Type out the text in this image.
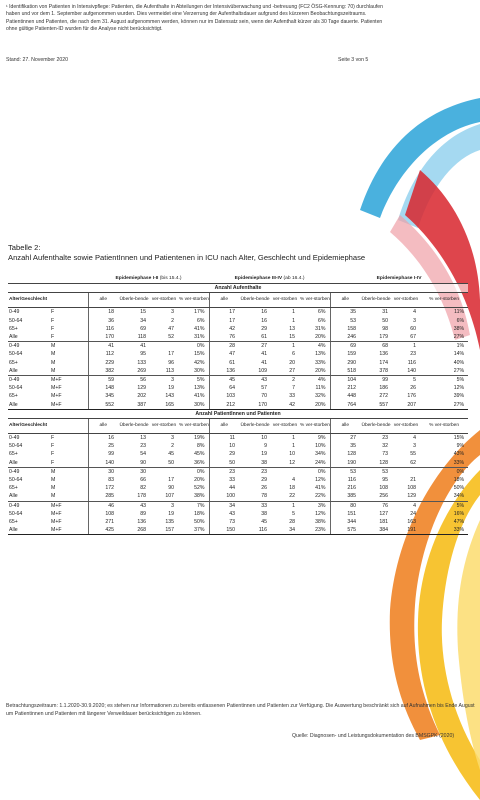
¹ Identifikation von Patienten in Intensivpflege: Patienten, die Aufenthalte in Abteilungen der Intensivüberwachung und -betreuung (FC2 ÖSG-Kennung: 70) durchlaufen haben und vor dem 1. September aufgenommen wurden. Dies vermeidet eine Verzerrung der Aufenthaltsdauer aufgrund des kürzeren Beobachtungszeitraums. Patientinnen und Patienten, die nach dem 31. August aufgenommen werden, können nur im Datensatz sein, wenn der Aufenthalt kürzer als 30 Tage dauerte. Patienten ohne gültige Patienten-ID wurden für die Analyse nicht berücksichtigt.
Stand: 27. November 2020	Seite 3 von 5
Tabelle 2:
Anzahl Aufenthalte sowie PatientInnen und Patientenen in ICU nach Alter, Geschlecht und Epidemiephase
		Epidemiephase I-II (bis 15.4.)				Epidemiephase III-IV (ab 16.4.)				Epidemiephase I-IV			
Anzahl Aufenthalte													
Alter/Geschlecht		alle	Überle-bende	ver-storben	% ver-storben	alle	Überle-bende	ver-storben	% ver-storben	alle	Überle-bende	ver-storben	% ver-storben
0-49	F	18	15	3	17%	17	16	1	6%	35	31	4	11%
50-64	F	36	34	2	6%	17	16	1	6%	53	50	3	6%
65+	F	116	69	47	41%	42	29	13	31%	158	98	60	38%
Alle	F	170	118	52	31%	76	61	15	20%	246	179	67	27%
0-49	M	41	41		0%	28	27	1	4%	69	68	1	1%
50-64	M	112	95	17	15%	47	41	6	13%	159	136	23	14%
65+	M	229	133	96	42%	61	41	20	33%	290	174	116	40%
Alle	M	382	269	113	30%	136	109	27	20%	518	378	140	27%
0-49	M+F	59	56	3	5%	45	43	2	4%	104	99	5	5%
50-64	M+F	148	129	19	13%	64	57	7	11%	212	186	26	12%
65+	M+F	345	202	143	41%	103	70	33	32%	448	272	176	39%
Alle	M+F	552	387	165	30%	212	170	42	20%	764	557	207	27%
Anzahl PatientInnen und Patienten													
Alter/Geschlecht		alle	Überle-bende	ver-storben	% ver-storben	alle	Überle-bende	ver-storben	% ver-storben	alle	Überle-bende	ver-storben	% ver-storben
0-49	F	16	13	3	19%	11	10	1	9%	27	23	4	15%
50-64	F	25	23	2	8%	10	9	1	10%	35	32	3	9%
65+	F	99	54	45	45%	29	19	10	34%	128	73	55	43%
Alle	F	140	90	50	36%	50	38	12	24%	190	128	62	33%
0-49	M	30	30		0%	23	23		0%	53	53		0%
50-64	M	83	66	17	20%	33	29	4	12%	116	95	21	18%
65+	M	172	82	90	52%	44	26	18	41%	216	108	108	50%
Alle	M	285	178	107	38%	100	78	22	22%	385	256	129	34%
0-49	M+F	46	43	3	7%	34	33	1	3%	80	76	4	5%
50-64	M+F	108	89	19	18%	43	38	5	12%	151	127	24	16%
65+	M+F	271	136	135	50%	73	45	28	38%	344	181	163	47%
Alle	M+F	425	268	157	37%	150	116	34	23%	575	384	191	33%
Betrachtungszeitraum: 1.1.2020-30.9.2020; es stehen nur Informationen zu bereits entlassenen Patientinnen und Patienten zur Verfügung. Die Auswertung beschränkt sich auf Aufnahmen bis Ende August um Patientinnen und Patienten mit längerer Verweildauer berücksichtigen zu können.
Quelle: Diagnosen- und Leistungsdokumentation des BMSGPK (2020)
